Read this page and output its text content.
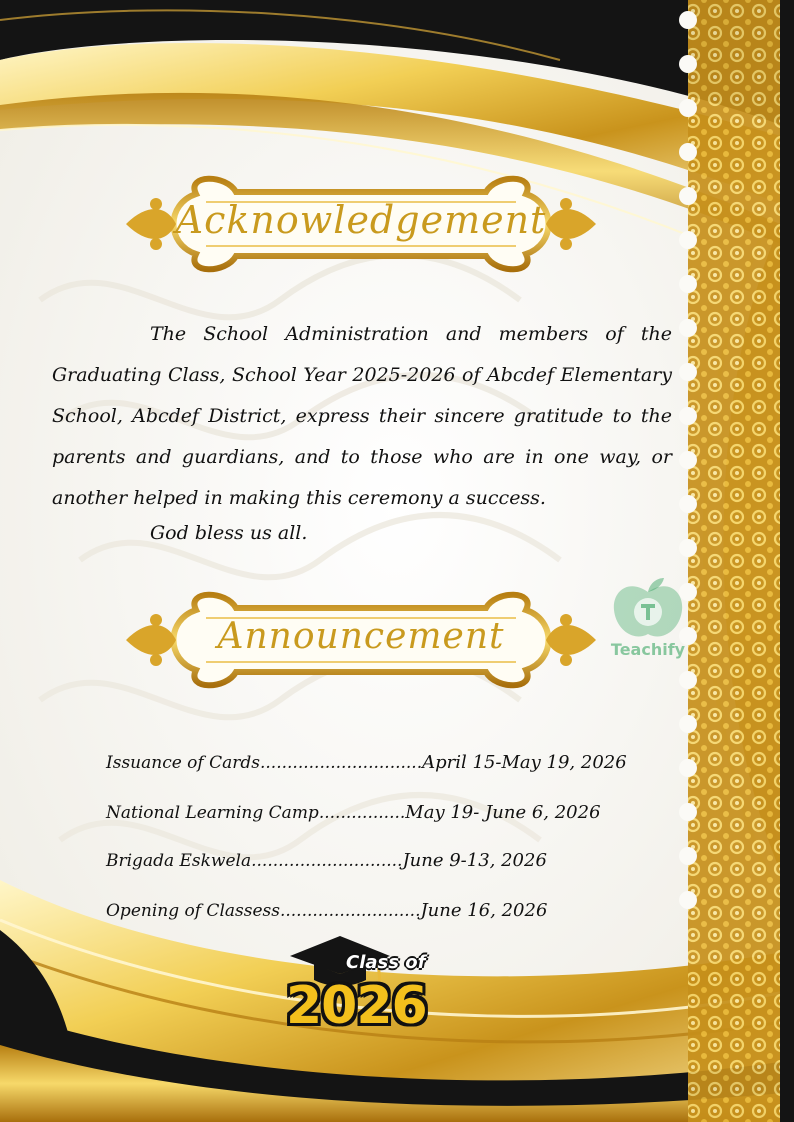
Acknowledgement
The School Administration and members of the Graduating Class, School Year 2025-2026 of Abcdef Elementary School, Abcdef District, express their sincere gratitude to the parents and guardians, and to those who are in one way, or another helped in making this ceremony a success.
God bless us all.
Announcement
Issuance of Cards..............................April 15-May 19, 2026
National Learning Camp................May 19- June 6, 2026
Brigada Eskwela............................June 9-13, 2026
Opening of Classess..........................June 16, 2026
Teachify
Class of
2026
